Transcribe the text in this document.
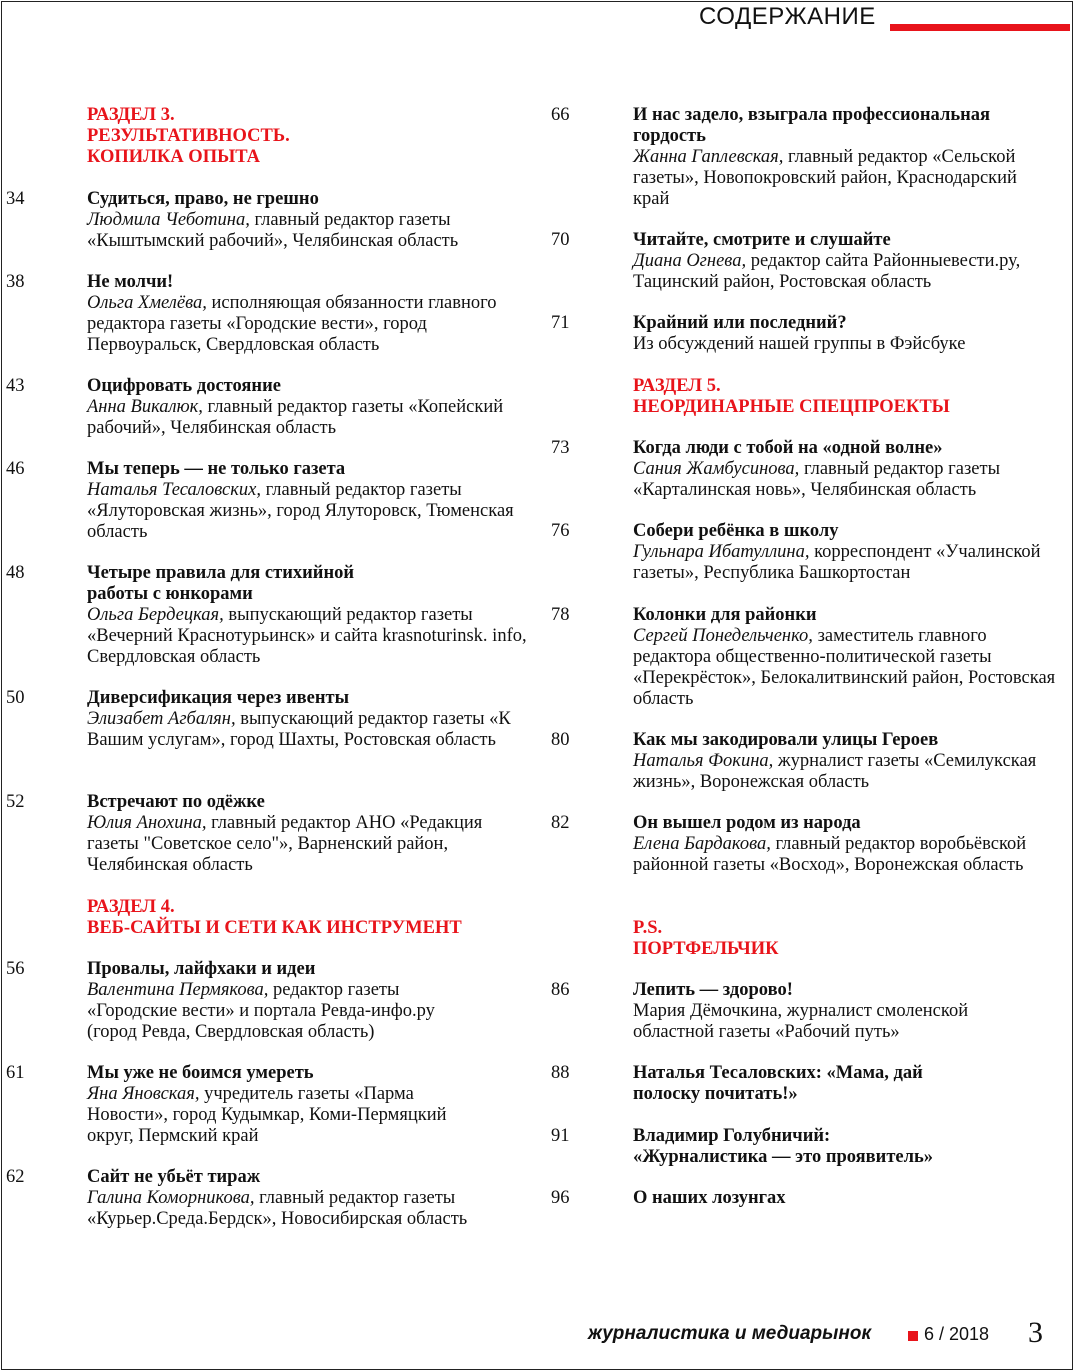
СОДЕРЖАНИЕ
РАЗДЕЛ 3.
РЕЗУЛЬТАТИВНОСТЬ.
КОПИЛКА ОПЫТА
РАЗДЕЛ 4.
ВЕБ-САЙТЫ И СЕТИ КАК ИНСТРУМЕНТ
РАЗДЕЛ 5.
НЕОРДИНАРНЫЕ СПЕЦПРОЕКТЫ
P.S.
ПОРТФЕЛЬЧИК
34	Судиться, право, не грешно
Людмила Чеботина, главный редактор газеты «Кыштымский рабочий», Челябинская область
38	Не молчи!
Ольга Хмелёва, исполняющая обязанности главного редактора газеты «Городские вести», город Первоуральск, Свердловская область
43	Оцифровать достояние
Анна Викалюк, главный редактор газеты «Копейский рабочий», Челябинская область
46	Мы теперь — не только газета
Наталья Тесаловских, главный редактор газеты «Ялуторовская жизнь», город Ялуторовск, Тюменская область
48	Четыре правила для стихийной работы с юнкорами
Ольга Бердецкая, выпускающий редактор газеты «Вечерний Краснотурьинск» и сайта krasnoturinsk. info, Свердловская область
50	Диверсификация через ивенты
Элизабет Агбалян, выпускающий редактор газеты «К Вашим услугам», город Шахты, Ростовская область
52	Встречают по одёжке
Юлия Анохина, главный редактор АНО «Редакция газеты "Советское село"», Варненский район, Челябинская область
56	Провалы, лайфхаки и идеи
Валентина Пермякова, редактор газеты «Городские вести» и портала Ревда-инфо.ру (город Ревда, Свердловская область)
61	Мы уже не боимся умереть
Яна Яновская, учредитель газеты «Парма Новости», город Кудымкар, Коми-Пермяцкий округ, Пермский край
62	Сайт не убьёт тираж
Галина Коморникова, главный редактор газеты «Курьер.Среда.Бердск», Новосибирская область
66	И нас задело, взыграла профессиональная гордость
Жанна Гаплевская, главный редактор «Сельской газеты», Новопокровский район, Краснодарский край
70	Читайте, смотрите и слушайте
Диана Огнева, редактор сайта Районныевести.ру, Тацинский район, Ростовская область
71	Крайний или последний?
Из обсуждений нашей группы в Фэйсбуке
73	Когда люди с тобой на «одной волне»
Сания Жамбусинова, главный редактор газеты «Карталинская новь», Челябинская область
76	Собери ребёнка в школу
Гульнара Ибатуллина, корреспондент «Учалинской газеты», Республика Башкортостан
78	Колонки для районки
Сергей Понедельченко, заместитель главного редактора общественно-политической газеты «Перекрёсток», Белокалитвинский район, Ростовская область
80	Как мы закодировали улицы Героев
Наталья Фокина, журналист газеты «Семилукская жизнь», Воронежская область
82	Он вышел родом из народа
Елена Бардакова, главный редактор воробьёвской районной газеты «Восход», Воронежская область
86	Лепить — здорово!
Мария Дёмочкина, журналист смоленской областной газеты «Рабочий путь»
88	Наталья Тесаловских: «Мама, дай полоску почитать!»
91	Владимир Голубничий: «Журналистика — это проявитель»
96	О наших лозунгах
журналистика и медиарынок	6 / 2018 3
